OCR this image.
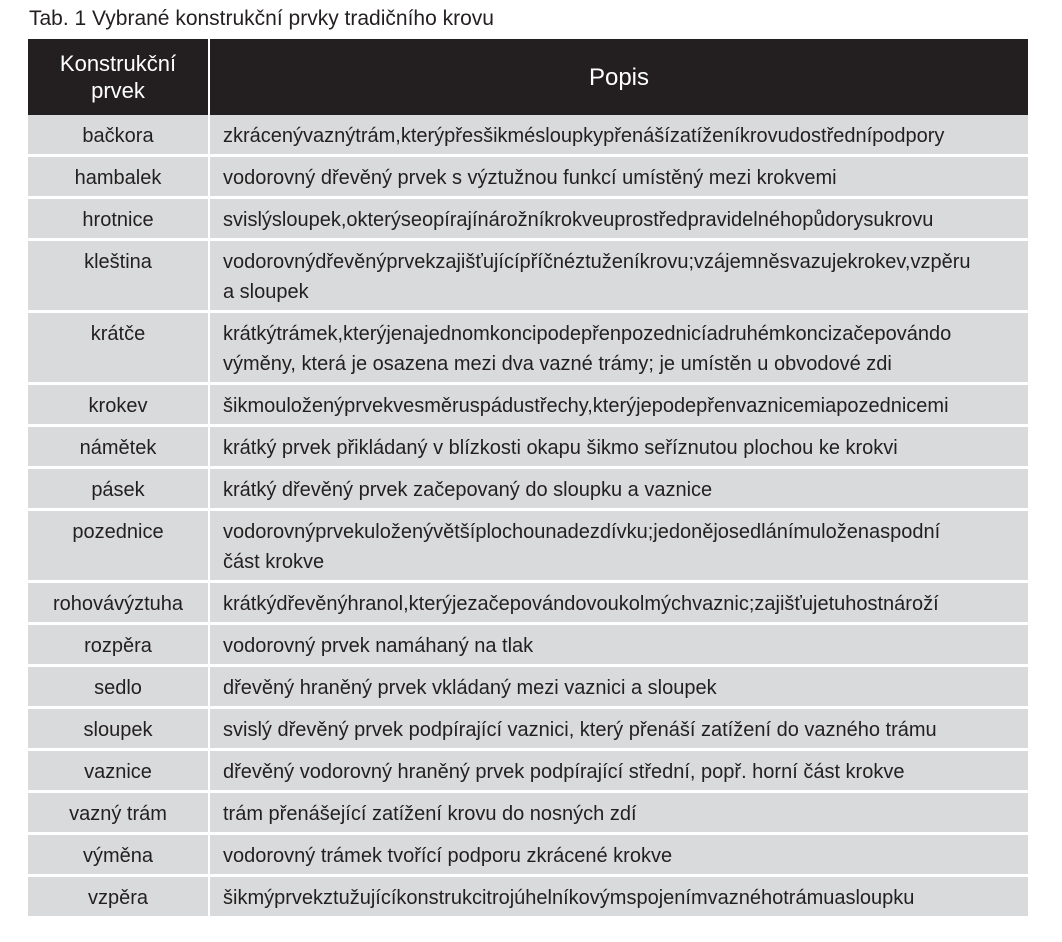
Tab. 1 Vybrané konstrukční prvky tradičního krovu
Konstrukční
prvek	Popis
bačkora	zkrácenývaznýtrám,kterýpřesšikmésloupkypřenášízatíženíkrovudostřednípodpory

hambalek	vodorovný dřevěný prvek s výztužnou funkcí umístěný mezi krokvemi

hrotnice	svislýsloupek,okterýseopírajínárožníkrokveuprostředpravidelnéhopůdorysukrovu

kleština	vodorovnýdřevěnýprvekzajišťujícípříčnéztuženíkrovu;vzájemněsvazujekrokev,vzpěru
a sloupek

krátče	krátkýtrámek,kterýjenajednomkoncipodepřenpozednicíadruhémkoncizačepovándo
výměny, která je osazena mezi dva vazné trámy; je umístěn u obvodové zdi

krokev	šikmouloženýprvekvesměruspádustřechy,kterýjepodepřenvaznicemiapozednicemi

námětek	krátký prvek přikládaný v blízkosti okapu šikmo seříznutou plochou ke krokvi

pásek	krátký dřevěný prvek začepovaný do sloupku a vaznice

pozednice	vodorovnýprvekuloženývětšíplochounadezdívku;jedonějosedlánímuloženaspodní
část krokve

rohovávýztuha	krátkýdřevěnýhranol,kterýjezačepovándovoukolmýchvaznic;zajišťujetuhostnároží

rozpěra	vodorovný prvek namáhaný na tlak

sedlo	dřevěný hraněný prvek vkládaný mezi vaznici a sloupek

sloupek	svislý dřevěný prvek podpírající vaznici, který přenáší zatížení do vazného trámu

vaznice	dřevěný vodorovný hraněný prvek podpírající střední, popř. horní část krokve

vazný trám	trám přenášející zatížení krovu do nosných zdí

výměna	vodorovný trámek tvořící podporu zkrácené krokve

vzpěra	šikmýprvekztužujícíkonstrukcitrojúhelníkovýmspojenímvaznéhotrámuasloupku
